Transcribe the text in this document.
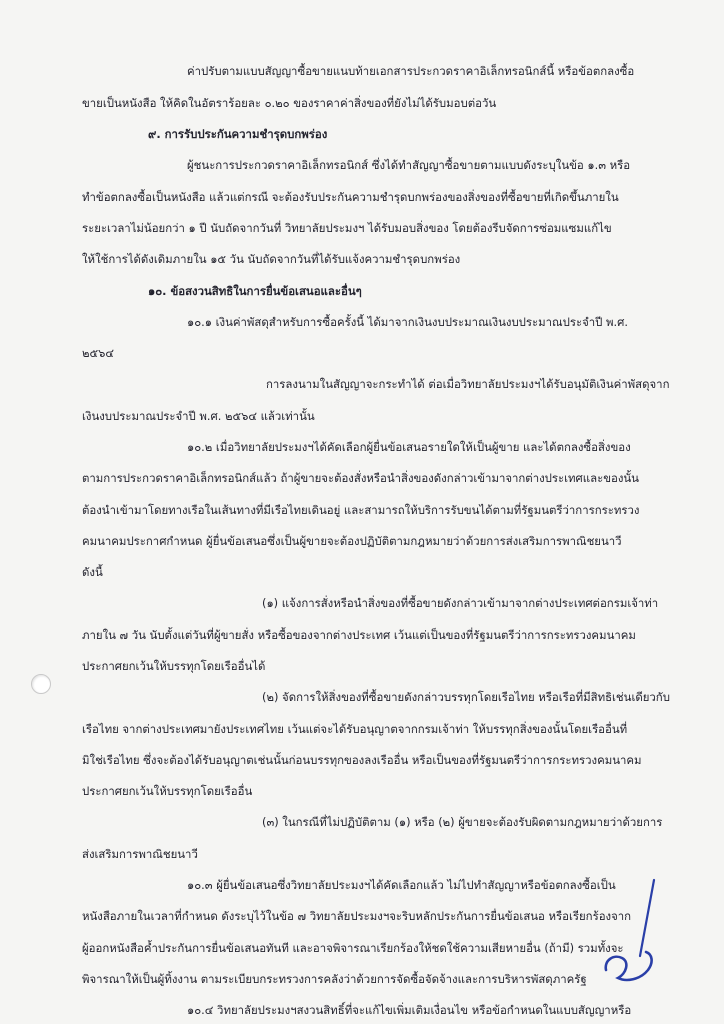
ค่าปรับตามแบบสัญญาซื้อขายแนบท้ายเอกสารประกวดราคาอิเล็กทรอนิกส์นี้ หรือข้อตกลงซื้อ

ขายเป็นหนังสือ ให้คิดในอัตราร้อยละ ๐.๒๐ ของราคาค่าสิ่งของที่ยังไม่ได้รับมอบต่อวัน

๙. การรับประกันความชำรุดบกพร่อง

ผู้ชนะการประกวดราคาอิเล็กทรอนิกส์ ซึ่งได้ทำสัญญาซื้อขายตามแบบดังระบุในข้อ ๑.๓ หรือ

ทำข้อตกลงซื้อเป็นหนังสือ แล้วแต่กรณี จะต้องรับประกันความชำรุดบกพร่องของสิ่งของที่ซื้อขายที่เกิดขึ้นภายใน

ระยะเวลาไม่น้อยกว่า ๑ ปี นับถัดจากวันที่ วิทยาลัยประมงฯ ได้รับมอบสิ่งของ โดยต้องรีบจัดการซ่อมแซมแก้ไข

ให้ใช้การได้ดังเดิมภายใน ๑๕ วัน นับถัดจากวันที่ได้รับแจ้งความชำรุดบกพร่อง

๑๐. ข้อสงวนสิทธิในการยื่นข้อเสนอและอื่นๆ

๑๐.๑ เงินค่าพัสดุสำหรับการซื้อครั้งนี้ ได้มาจากเงินงบประมาณเงินงบประมาณประจำปี พ.ศ.

๒๕๖๔

การลงนามในสัญญาจะกระทำได้ ต่อเมื่อวิทยาลัยประมงฯได้รับอนุมัติเงินค่าพัสดุจาก

เงินงบประมาณประจำปี พ.ศ. ๒๕๖๔ แล้วเท่านั้น

๑๐.๒ เมื่อวิทยาลัยประมงฯได้คัดเลือกผู้ยื่นข้อเสนอรายใดให้เป็นผู้ขาย และได้ตกลงซื้อสิ่งของ

ตามการประกวดราคาอิเล็กทรอนิกส์แล้ว ถ้าผู้ขายจะต้องสั่งหรือนำสิ่งของดังกล่าวเข้ามาจากต่างประเทศและของนั้น

ต้องนำเข้ามาโดยทางเรือในเส้นทางที่มีเรือไทยเดินอยู่ และสามารถให้บริการรับขนได้ตามที่รัฐมนตรีว่าการกระทรวง

คมนาคมประกาศกำหนด ผู้ยื่นข้อเสนอซึ่งเป็นผู้ขายจะต้องปฏิบัติตามกฎหมายว่าด้วยการส่งเสริมการพาณิชยนาวี

ดังนี้

(๑) แจ้งการสั่งหรือนำสิ่งของที่ซื้อขายดังกล่าวเข้ามาจากต่างประเทศต่อกรมเจ้าท่า

ภายใน ๗ วัน นับตั้งแต่วันที่ผู้ขายสั่ง หรือซื้อของจากต่างประเทศ เว้นแต่เป็นของที่รัฐมนตรีว่าการกระทรวงคมนาคม

ประกาศยกเว้นให้บรรทุกโดยเรืออื่นได้

(๒) จัดการให้สิ่งของที่ซื้อขายดังกล่าวบรรทุกโดยเรือไทย หรือเรือที่มีสิทธิเช่นเดียวกับ

เรือไทย จากต่างประเทศมายังประเทศไทย เว้นแต่จะได้รับอนุญาตจากกรมเจ้าท่า ให้บรรทุกสิ่งของนั้นโดยเรืออื่นที่

มิใช่เรือไทย ซึ่งจะต้องได้รับอนุญาตเช่นนั้นก่อนบรรทุกของลงเรืออื่น หรือเป็นของที่รัฐมนตรีว่าการกระทรวงคมนาคม

ประกาศยกเว้นให้บรรทุกโดยเรืออื่น

(๓) ในกรณีที่ไม่ปฏิบัติตาม (๑) หรือ (๒) ผู้ขายจะต้องรับผิดตามกฎหมายว่าด้วยการ

ส่งเสริมการพาณิชยนาวี

๑๐.๓ ผู้ยื่นข้อเสนอซึ่งวิทยาลัยประมงฯได้คัดเลือกแล้ว ไม่ไปทำสัญญาหรือข้อตกลงซื้อเป็น

หนังสือภายในเวลาที่กำหนด ดังระบุไว้ในข้อ ๗ วิทยาลัยประมงฯจะริบหลักประกันการยื่นข้อเสนอ หรือเรียกร้องจาก

ผู้ออกหนังสือค้ำประกันการยื่นข้อเสนอทันที และอาจพิจารณาเรียกร้องให้ชดใช้ความเสียหายอื่น (ถ้ามี) รวมทั้งจะ

พิจารณาให้เป็นผู้ทิ้งงาน ตามระเบียบกระทรวงการคลังว่าด้วยการจัดซื้อจัดจ้างและการบริหารพัสดุภาครัฐ

๑๐.๔ วิทยาลัยประมงฯสงวนสิทธิ์ที่จะแก้ไขเพิ่มเติมเงื่อนไข หรือข้อกำหนดในแบบสัญญาหรือ
